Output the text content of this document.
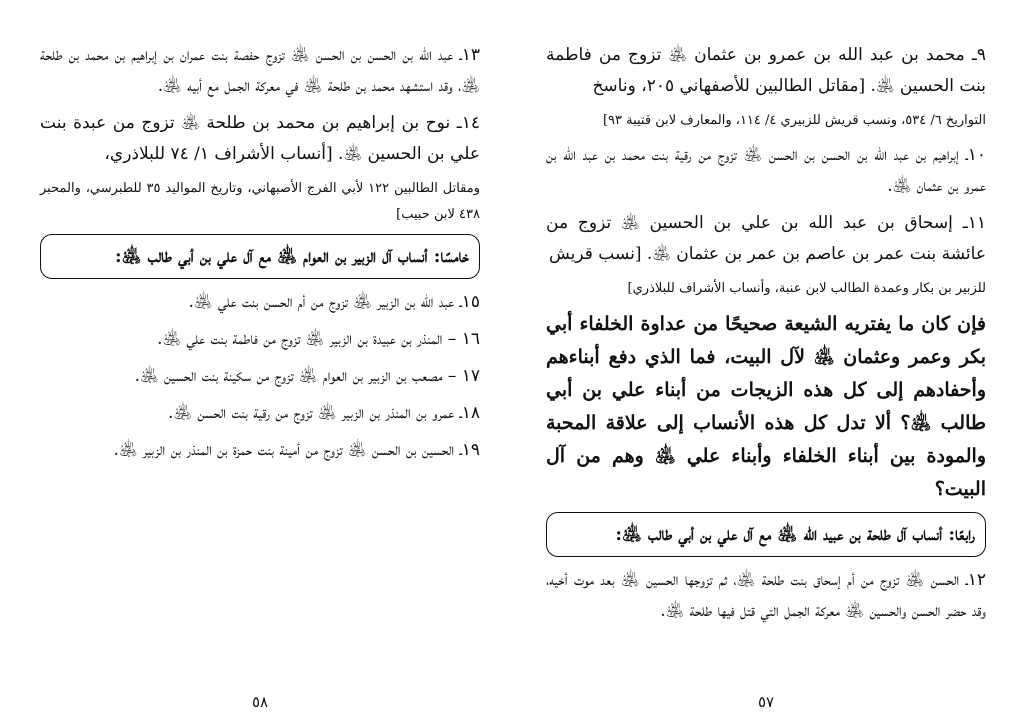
١٣ـ عبد الله بن الحسن بن الحسن ﵁ تزوج حفصة بنت عمران بن إبراهيم بن محمد بن طلحة ﵁، وقد استشهد محمد بن طلحة ﵁ في معركة الجمل مع أبيه ﵁.

١٤ـ نوح بن إبراهيم بن محمد بن طلحة ﵁ تزوج من عبدة بنت علي بن الحسين ﵁. [أنساب الأشراف ١/ ٧٤ للبلاذري،

ومقاتل الطالبين ١٢٢ لأبي الفرج الأصبهاني، وتاريخ المواليد ٣٥ للطبرسي، والمحبر ٤٣٨ لابن حبيب]

خامسًا: أنساب آل الزبير بن العوام ﵁ مع آل علي بن أبي طالب ﵁:

١٥ـ عبد الله بن الزبير ﵁ تزوج من أم الحسن بنت علي ﵁.

١٦ – المنذر بن عبيدة بن الزبير ﵁ تزوج من فاطمة بنت علي ﵁.

١٧ – مصعب بن الزبير بن العوام ﵁ تزوج من سكينة بنت الحسين ﵁.

١٨ـ عمرو بن المنذر بن الزبير ﵁ تزوج من رقية بنت الحسن ﵁.

١٩ـ الحسين بن الحسن ﵁ تزوج من أمينة بنت حمزة بن المنذر بن الزبير ﵁.

٩ـ محمد بن عبد الله بن عمرو بن عثمان ﵁ تزوج من فاطمة بنت الحسين ﵁. [مقاتل الطالبين للأصفهاني ٢٠٥، وناسخ

التواريخ ٦/ ٥٣٤، ونسب قريش للزبيري ٤/ ١١٤، والمعارف لابن قتيبة ٩٣]

١٠ـ إبراهيم بن عبد الله بن الحسن بن الحسن ﵁ تزوج من رقية بنت محمد بن عبد الله بن عمرو بن عثمان ﵁.

١١ـ إسحاق بن عبد الله بن علي بن الحسين ﵁ تزوج من عائشة بنت عمر بن عاصم بن عمر بن عثمان ﵁. [نسب قريش

للزبير بن بكار وعمدة الطالب لابن عنبة، وأنساب الأشراف للبلاذري]

فإن كان ما يفتريه الشيعة صحيحًا من عداوة الخلفاء أبي بكر وعمر وعثمان ﵁ لآل البيت، فما الذي دفع أبناءهم وأحفادهم إلى كل هذه الزيجات من أبناء علي بن أبي طالب ﵁؟ ألا تدل كل هذه الأنساب إلى علاقة المحبة والمودة بين أبناء الخلفاء وأبناء علي ﵁ وهم من آل البيت؟

رابعًا: أنساب آل طلحة بن عبيد الله ﵁ مع آل علي بن أبي طالب ﵁:

١٢ـ الحسن ﵁ تزوج من أم إسحاق بنت طلحة ﵁، ثم تزوجها الحسين ﵁ بعد موت أخيه، وقد حضر الحسن والحسين ﵁ معركة الجمل التي قتل فيها طلحة ﵁.

٥٨	٥٧
